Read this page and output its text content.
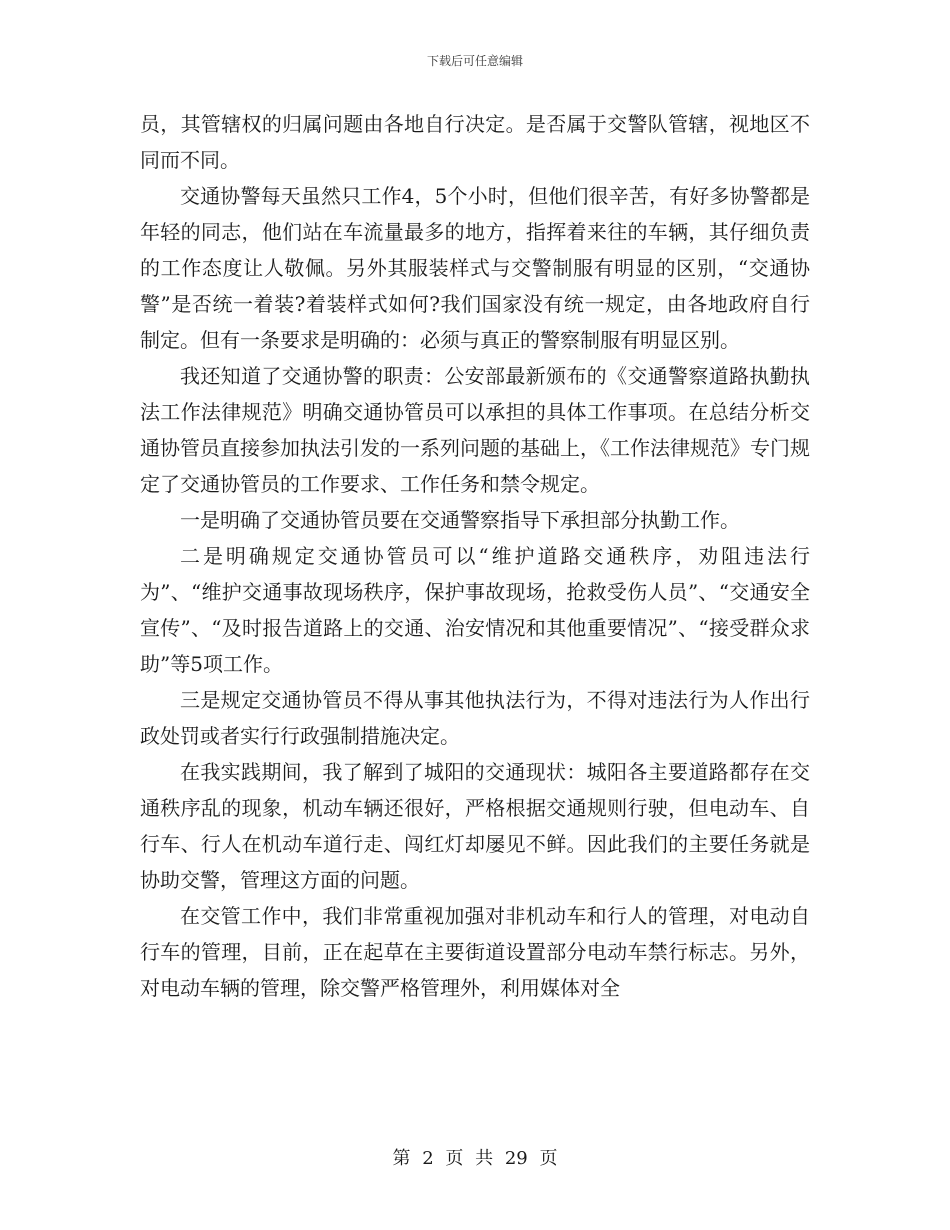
下载后可任意编辑

员，其管辖权的归属问题由各地自行决定。是否属于交警队管辖，视地区不同而不同。

交通协警每天虽然只工作4，5个小时，但他们很辛苦，有好多协警都是年轻的同志，他们站在车流量最多的地方，指挥着来往的车辆，其仔细负责的工作态度让人敬佩。另外其服装样式与交警制服有明显的区别，“交通协警”是否统一着装?着装样式如何?我们国家没有统一规定，由各地政府自行制定。但有一条要求是明确的：必须与真正的警察制服有明显区别。

我还知道了交通协警的职责：公安部最新颁布的《交通警察道路执勤执法工作法律规范》明确交通协管员可以承担的具体工作事项。在总结分析交通协管员直接参加执法引发的一系列问题的基础上，《工作法律规范》专门规定了交通协管员的工作要求、工作任务和禁令规定。

一是明确了交通协管员要在交通警察指导下承担部分执勤工作。

二是明确规定交通协管员可以“维护道路交通秩序，劝阻违法行为”、“维护交通事故现场秩序，保护事故现场，抢救受伤人员”、“交通安全宣传”、“及时报告道路上的交通、治安情况和其他重要情况”、“接受群众求助”等5项工作。

三是规定交通协管员不得从事其他执法行为，不得对违法行为人作出行政处罚或者实行行政强制措施决定。

在我实践期间，我了解到了城阳的交通现状：城阳各主要道路都存在交通秩序乱的现象，机动车辆还很好，严格根据交通规则行驶，但电动车、自行车、行人在机动车道行走、闯红灯却屡见不鲜。因此我们的主要任务就是协助交警，管理这方面的问题。

在交管工作中，我们非常重视加强对非机动车和行人的管理，对电动自行车的管理，目前，正在起草在主要街道设置部分电动车禁行标志。另外，对电动车辆的管理，除交警严格管理外，利用媒体对全

第 2 页 共 29 页
